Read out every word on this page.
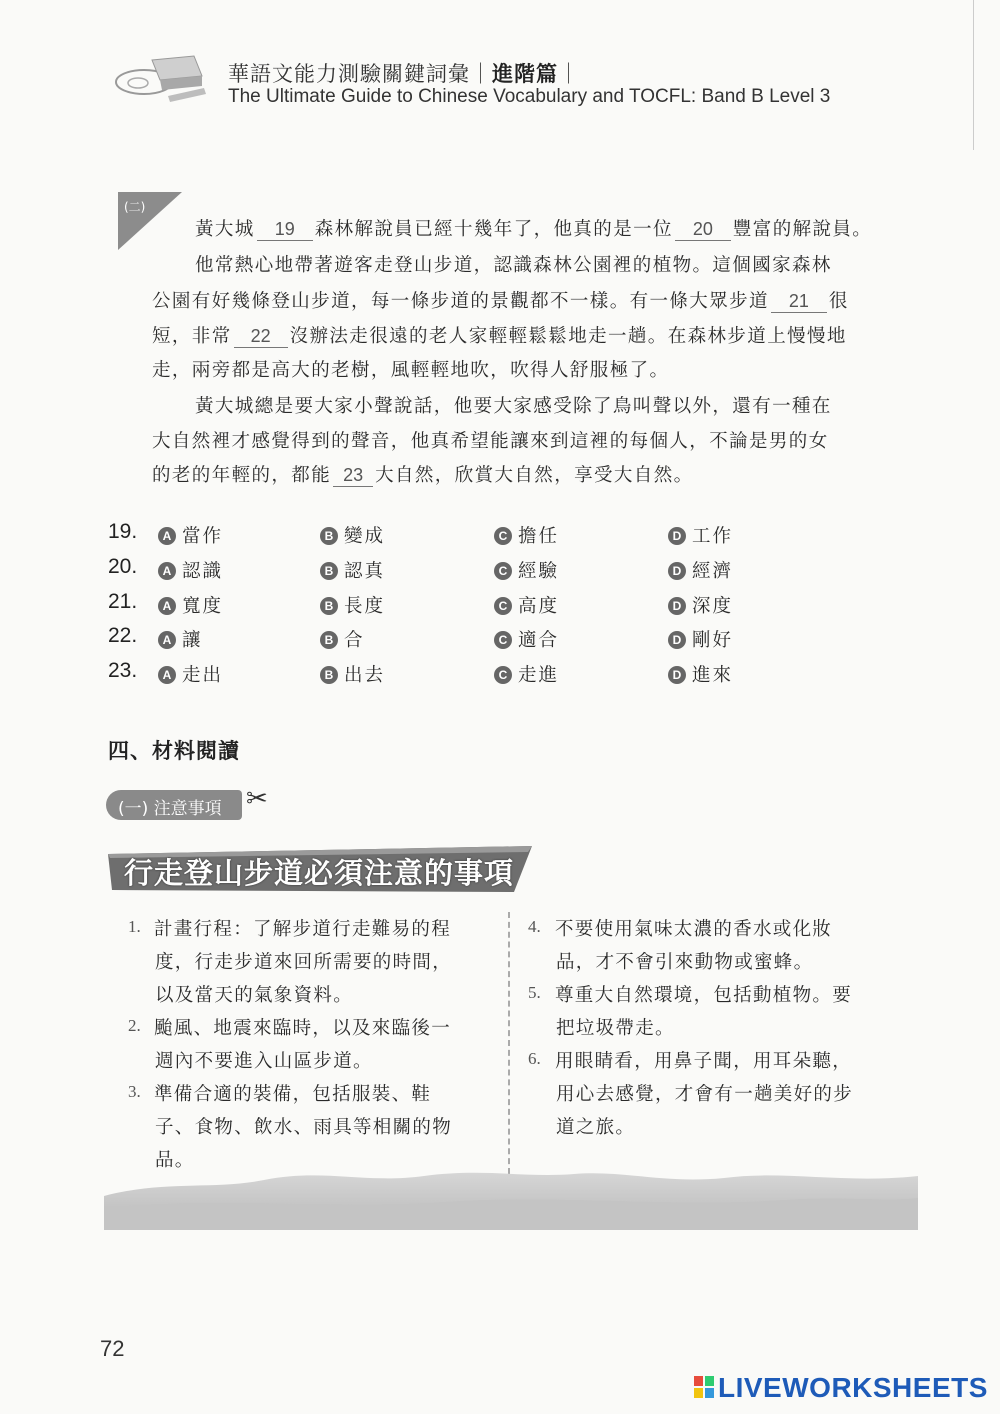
華語文能力測驗關鍵詞彙｜進階篇｜
The Ultimate Guide to Chinese Vocabulary and TOCFL: Band B Level 3
(二)
黃大城 19 森林解說員已經十幾年了，他真的是一位 20 豐富的解說員。
他常熱心地帶著遊客走登山步道，認識森林公園裡的植物。這個國家森林
公園有好幾條登山步道，每一條步道的景觀都不一樣。有一條大眾步道 21 很
短，非常 22 沒辦法走很遠的老人家輕輕鬆鬆地走一趟。在森林步道上慢慢地
走，兩旁都是高大的老樹，風輕輕地吹，吹得人舒服極了。
黃大城總是要大家小聲說話，他要大家感受除了鳥叫聲以外，還有一種在
大自然裡才感覺得到的聲音，他真希望能讓來到這裡的每個人，不論是男的女
的老的年輕的，都能 23 大自然，欣賞大自然，享受大自然。
19.	A 當作	B 變成	C 擔任	D 工作
20.	A 認識	B 認真	C 經驗	D 經濟
21.	A 寬度	B 長度	C 高度	D 深度
22.	A 讓	B 合	C 適合	D 剛好
23.	A 走出	B 出去	C 走進	D 進來
四、材料閱讀
(一) 注意事項 ✂
行走登山步道必須注意的事項
1. 計畫行程：了解步道行走難易的程
度，行走步道來回所需要的時間，
以及當天的氣象資料。
2. 颱風、地震來臨時，以及來臨後一
週內不要進入山區步道。
3. 準備合適的裝備，包括服裝、鞋
子、食物、飲水、雨具等相關的物
品。
4. 不要使用氣味太濃的香水或化妝
品，才不會引來動物或蜜蜂。
5. 尊重大自然環境，包括動植物。要
把垃圾帶走。
6. 用眼睛看，用鼻子聞，用耳朵聽，
用心去感覺，才會有一趟美好的步
道之旅。
72
LIVEWORKSHEETS
